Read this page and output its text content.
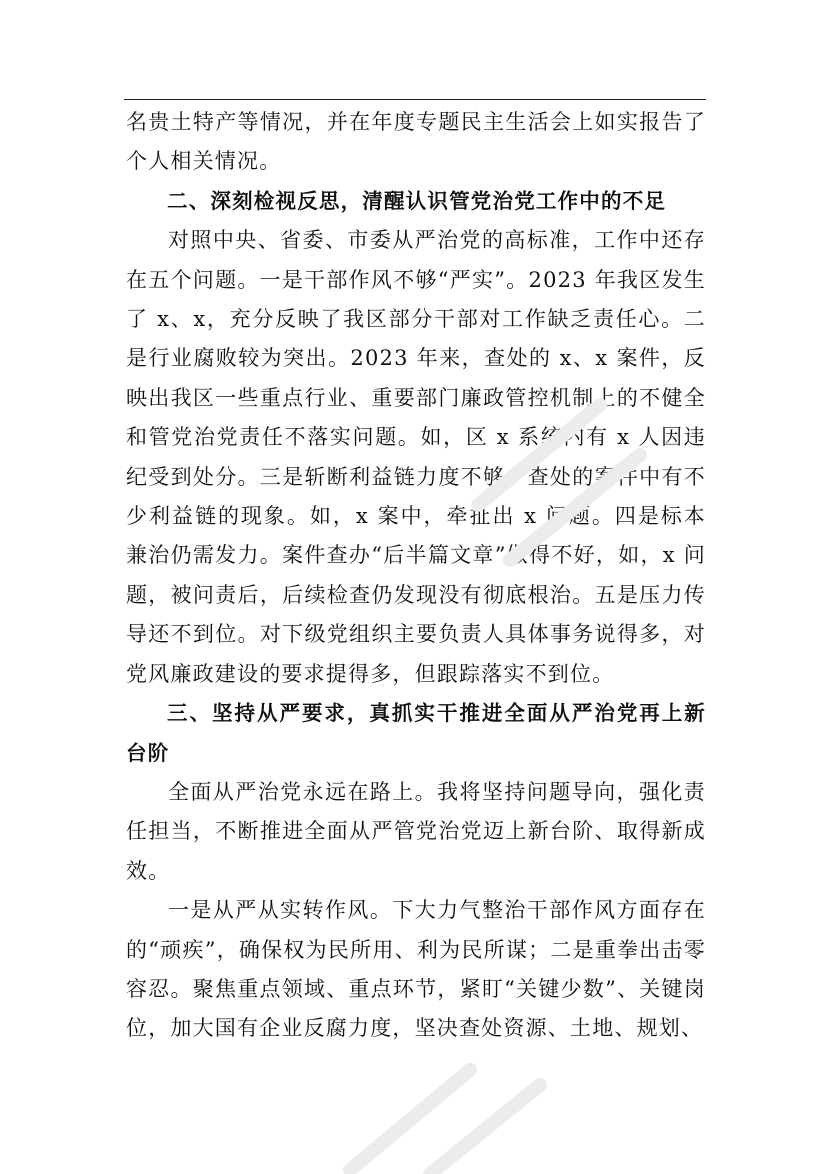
名贵土特产等情况，并在年度专题民主生活会上如实报告了个人相关情况。

二、深刻检视反思，清醒认识管党治党工作中的不足

对照中央、省委、市委从严治党的高标准，工作中还存在五个问题。一是干部作风不够“严实”。2023 年我区发生了 x、x，充分反映了我区部分干部对工作缺乏责任心。二是行业腐败较为突出。2023 年来，查处的 x、x 案件，反映出我区一些重点行业、重要部门廉政管控机制上的不健全和管党治党责任不落实问题。如，区 x 系统内有 x 人因违纪受到处分。三是斩断利益链力度不够。查处的案件中有不少利益链的现象。如，x 案中，牵扯出 x 问题。四是标本兼治仍需发力。案件查办“后半篇文章”做得不好，如，x 问题，被问责后，后续检查仍发现没有彻底根治。五是压力传导还不到位。对下级党组织主要负责人具体事务说得多，对党风廉政建设的要求提得多，但跟踪落实不到位。

三、坚持从严要求，真抓实干推进全面从严治党再上新台阶

全面从严治党永远在路上。我将坚持问题导向，强化责任担当，不断推进全面从严管党治党迈上新台阶、取得新成效。

一是从严从实转作风。下大力气整治干部作风方面存在的“顽疾”，确保权为民所用、利为民所谋；二是重拳出击零容忍。聚焦重点领域、重点环节，紧盯“关键少数”、关键岗位，加大国有企业反腐力度，坚决查处资源、土地、规划、
